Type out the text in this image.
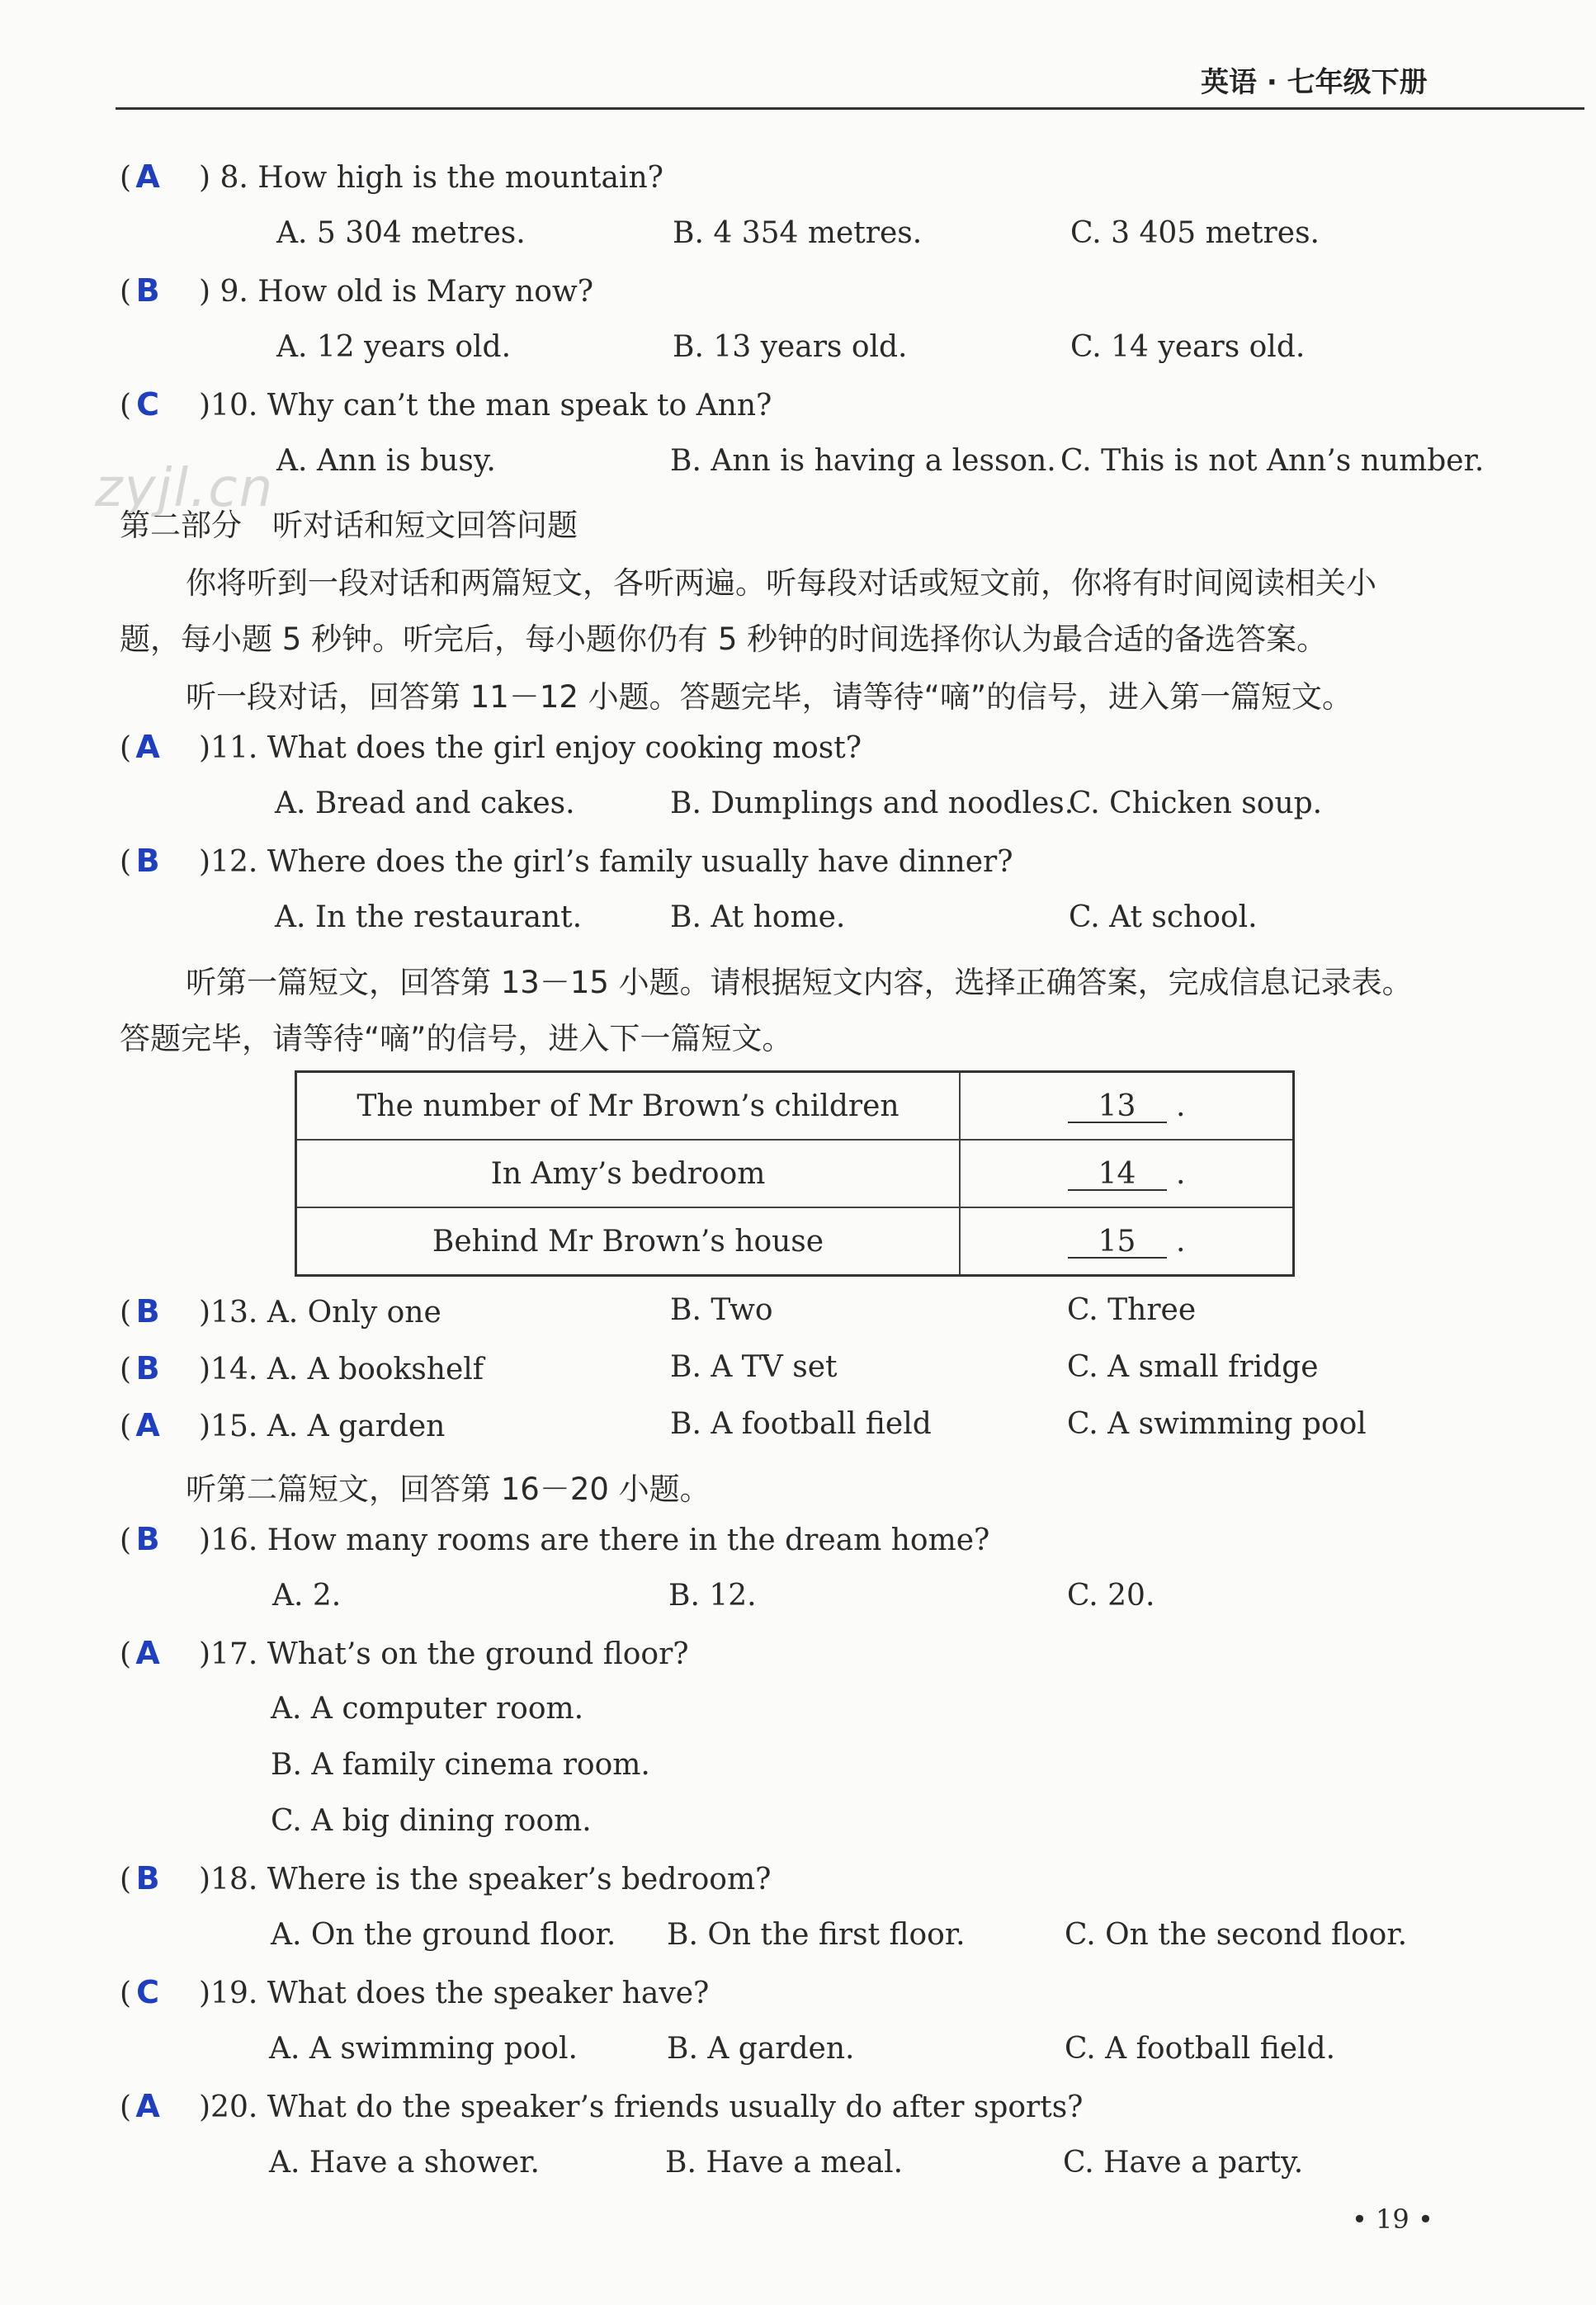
英语 · 七年级下册
zyjl.cn
( A ) 8. How high is the mountain?
A. 5 304 metres.	B. 4 354 metres.	C. 3 405 metres.
( B ) 9. How old is Mary now?
A. 12 years old.	B. 13 years old.	C. 14 years old.
( C )10. Why can’t the man speak to Ann?
A. Ann is busy.	B. Ann is having a lesson. C. This is not Ann’s number.
第二部分　听对话和短文回答问题
你将听到一段对话和两篇短文，各听两遍。听每段对话或短文前，你将有时间阅读相关小
题，每小题 5 秒钟。听完后，每小题你仍有 5 秒钟的时间选择你认为最合适的备选答案。
听一段对话，回答第 11－12 小题。答题完毕，请等待“嘀”的信号，进入第一篇短文。
( A )11. What does the girl enjoy cooking most?
A. Bread and cakes.	B. Dumplings and noodles.
C. Chicken soup.
( B )12. Where does the girl’s family usually have dinner?
A. In the restaurant.	B. At home.	C. At school.
听第一篇短文，回答第 13－15 小题。请根据短文内容，选择正确答案，完成信息记录表。
答题完毕，请等待“嘀”的信号，进入下一篇短文。
The number of Mr Brown’s children	13 .
In Amy’s bedroom	14 .
Behind Mr Brown’s house	15 .
( B )13. A. Only one	B. Two	C. Three
( B )14. A. A bookshelf	B. A TV set	C. A small fridge
( A )15. A. A garden	B. A football field	C. A swimming pool
听第二篇短文，回答第 16－20 小题。
( B )16. How many rooms are there in the dream home?
A. 2.	B. 12.	C. 20.
( A )17. What’s on the ground floor?
A. A computer room.
B. A family cinema room.
C. A big dining room.
( B )18. Where is the speaker’s bedroom?
A. On the ground floor. B. On the first floor.	C. On the second floor.
( C )19. What does the speaker have?
A. A swimming pool.	B. A garden.	C. A football field.
( A )20. What do the speaker’s friends usually do after sports?
A. Have a shower.	B. Have a meal.	C. Have a party.
• 19 •
